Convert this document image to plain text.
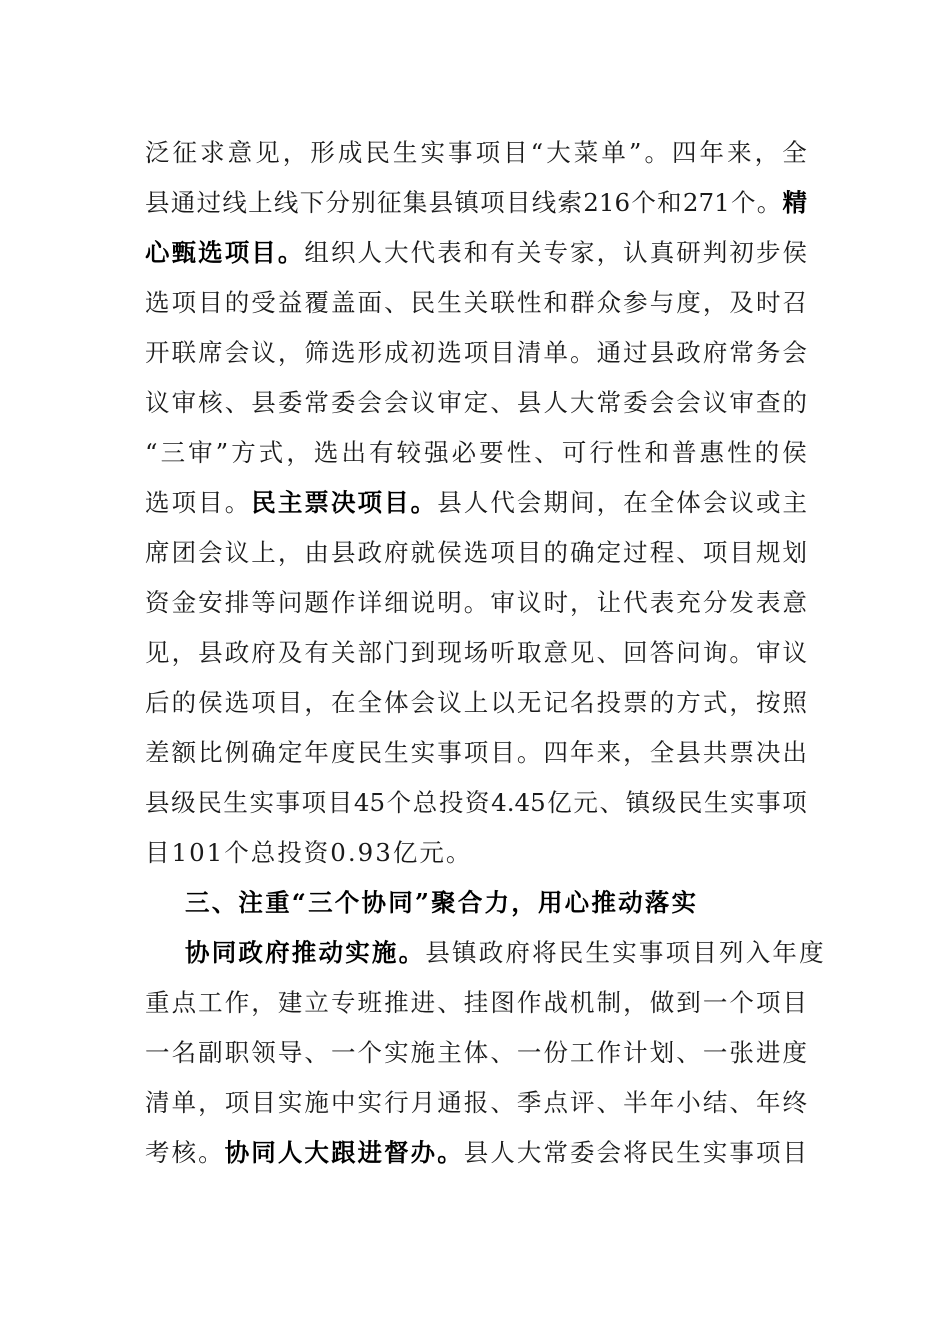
泛 征 求 意 见 ， 形 成 民 生 实 事 项 目 “ 大 菜 单 ” 。 四 年 来 ， 全
县 通 过 线 上 线 下 分 别 征 集 县 镇 项 目 线 索 216 个 和 271 个 。 精
心 甄 选 项 目 。 组 织 人 大 代 表 和 有 关 专 家 ， 认 真 研 判 初 步 侯
选 项 目 的 受 益 覆 盖 面 、 民 生 关 联 性 和 群 众 参 与 度 ， 及 时 召
开 联 席 会 议 ， 筛 选 形 成 初 选 项 目 清 单 。 通 过 县 政 府 常 务 会
议 审 核 、 县 委 常 委 会 会 议 审 定 、 县 人 大 常 委 会 会 议 审 查 的
“ 三 审 ” 方 式 ， 选 出 有 较 强 必 要 性 、 可 行 性 和 普 惠 性 的 侯
选 项 目 。 民 主 票 决 项 目 。 县 人 代 会 期 间 ， 在 全 体 会 议 或 主
席 团 会 议 上 ， 由 县 政 府 就 侯 选 项 目 的 确 定 过 程 、 项 目 规 划
资 金 安 排 等 问 题 作 详 细 说 明 。 审 议 时 ， 让 代 表 充 分 发 表 意
见 ， 县 政 府 及 有 关 部 门 到 现 场 听 取 意 见 、 回 答 问 询 。 审 议
后 的 侯 选 项 目 ， 在 全 体 会 议 上 以 无 记 名 投 票 的 方 式 ， 按 照
差 额 比 例 确 定 年 度 民 生 实 事 项 目 。 四 年 来 ， 全 县 共 票 决 出
县 级 民 生 实 事 项 目 45 个 总 投 资 4.45 亿 元 、 镇 级 民 生 实 事 项
目101个总投资0.93亿元。
三、注重“三个协同”聚合力，用心推动落实
协同政府推动实施。 县镇政府将民生实事项目列入年度
重 点 工 作 ， 建 立 专 班 推 进 、 挂 图 作 战 机 制 ， 做 到 一 个 项 目
一 名 副 职 领 导 、 一 个 实 施 主 体 、 一 份 工 作 计 划 、 一 张 进 度
清 单 ， 项 目 实 施 中 实 行 月 通 报 、 季 点 评 、 半 年 小 结 、 年 终
考 核 。 协 同 人 大 跟 进 督 办 。 县 人 大 常 委 会 将 民 生 实 事 项 目
